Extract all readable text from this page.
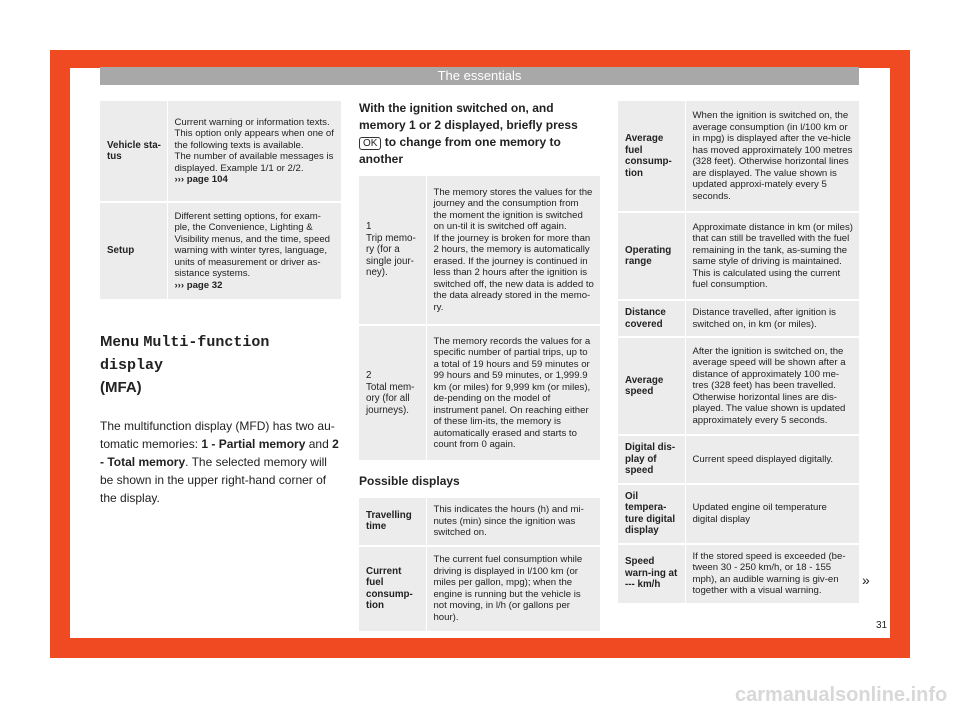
The essentials
Vehicle sta-
tus	Current warning or information texts.
This option only appears when one of the following texts is available.
The number of available messages is displayed. Example 1/1 or 2/2.
››› page 104
Setup	Different setting options, for exam-ple, the Convenience, Lighting & Visibility menus, and the time, speed warning with winter tyres, language, units of measurement or driver as-sistance systems.
››› page 32
Menu Multi-function display
(MFA)

The multifunction display (MFD) has two au-tomatic memories: 1 - Partial memory and 2 - Total memory. The selected memory will be shown in the upper right-hand corner of the display.

With the ignition switched on, and memory 1 or 2 displayed, briefly press OK to change from one memory to another
1
Trip memo-ry (for a single jour-ney).	The memory stores the values for the journey and the consumption from the moment the ignition is switched on un-til it is switched off again.
If the journey is broken for more than 2 hours, the memory is automatically erased. If the journey is continued in less than 2 hours after the ignition is switched off, the new data is added to the data already stored in the memo-ry.
2
Total mem-ory (for all journeys).	The memory records the values for a specific number of partial trips, up to a total of 19 hours and 59 minutes or 99 hours and 59 minutes, or 1,999.9 km (or miles) for 9,999 km (or miles), de-pending on the model of instrument panel. On reaching either of these lim-its, the memory is automatically erased and starts to count from 0 again.
Possible displays
Travelling time	This indicates the hours (h) and mi-nutes (min) since the ignition was switched on.
Current fuel consump-tion	The current fuel consumption while driving is displayed in l/100 km (or miles per gallon, mpg); when the engine is running but the vehicle is not moving, in l/h (or gallons per hour).
Average fuel consump-tion	When the ignition is switched on, the average consumption (in l/100 km or in mpg) is displayed after the ve-hicle has moved approximately 100 metres (328 feet). Otherwise horizontal lines are displayed. The value shown is updated approxi-mately every 5 seconds.
Operating range	Approximate distance in km (or miles) that can still be travelled with the fuel remaining in the tank, as-suming the same style of driving is maintained. This is calculated using the current fuel consumption.
Distance covered	Distance travelled, after ignition is switched on, in km (or miles).
Average speed	After the ignition is switched on, the average speed will be shown after a distance of approximately 100 me-tres (328 feet) has been travelled. Otherwise horizontal lines are dis-played. The value shown is updated approximately every 5 seconds.
Digital dis-play of speed	Current speed displayed digitally.
Oil tempera-ture digital display	Updated engine oil temperature digital display
Speed warn-ing at --- km/h	If the stored speed is exceeded (be-tween 30 - 250 km/h, or 18 - 155 mph), an audible warning is giv-en together with a visual warning.
»
31
carmanualsonline.info
